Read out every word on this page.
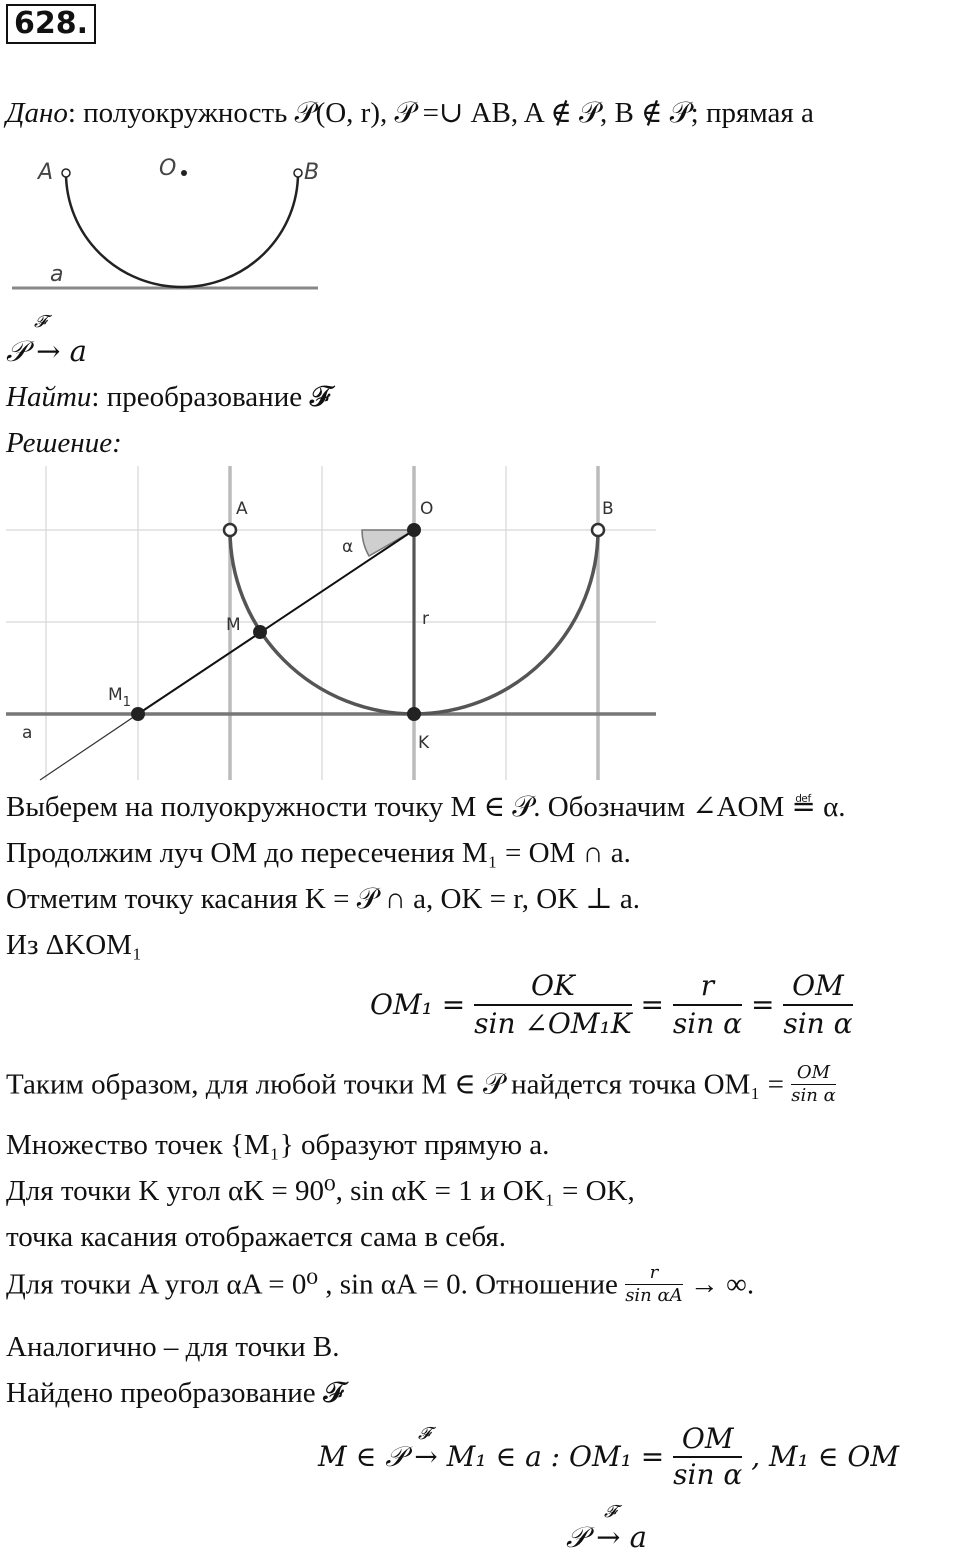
628.
Дано: полуокружность 𝒫(O, r), 𝒫 =∪ AB, A ∉ 𝒫, B ∉ 𝒫; прямая a
A	O	B
a
𝓕
𝒫 → a
Найти: преобразование 𝓕
Решение:
A	O	B
α
M	r
$M_1$
a	K
Выберем на полуокружности точку M ∈ 𝒫. Обозначим ∠AOM ≝ α.
Продолжим луч OM до пересечения M₁ = OM ∩ a.
Отметим точку касания K = 𝒫 ∩ a, OK = r, OK ⊥ a.
Из ΔKOM₁
$OM_1 = \frac{OK}{\text{sin ∠OM₁K}} = \frac{r}{\text{sin α}} = \frac{OM}{\text{sin α}}$
Таким образом, для любой точки M ∈ 𝒫 найдется точка $OM_1 = \frac{OM}{\text{sin α}}$
Множество точек {M₁} образуют прямую a.
Для точки K угол αK = 90⁰, sin αK = 1 и OK₁ = OK,
точка касания отображается сама в себя.
Для точки A угол αA = 0⁰ , sin αA = 0. Отношение $\frac{r}{\text{sin αA}}$ → ∞.
Аналогично – для точки B.
Найдено преобразование 𝓕
𝓕
M ∈ 𝒫 → M₁ ∈ a : $OM_1 = \frac{OM}{\text{sin α}}$ , M₁ ∈ OM
𝓕
𝒫 → a
